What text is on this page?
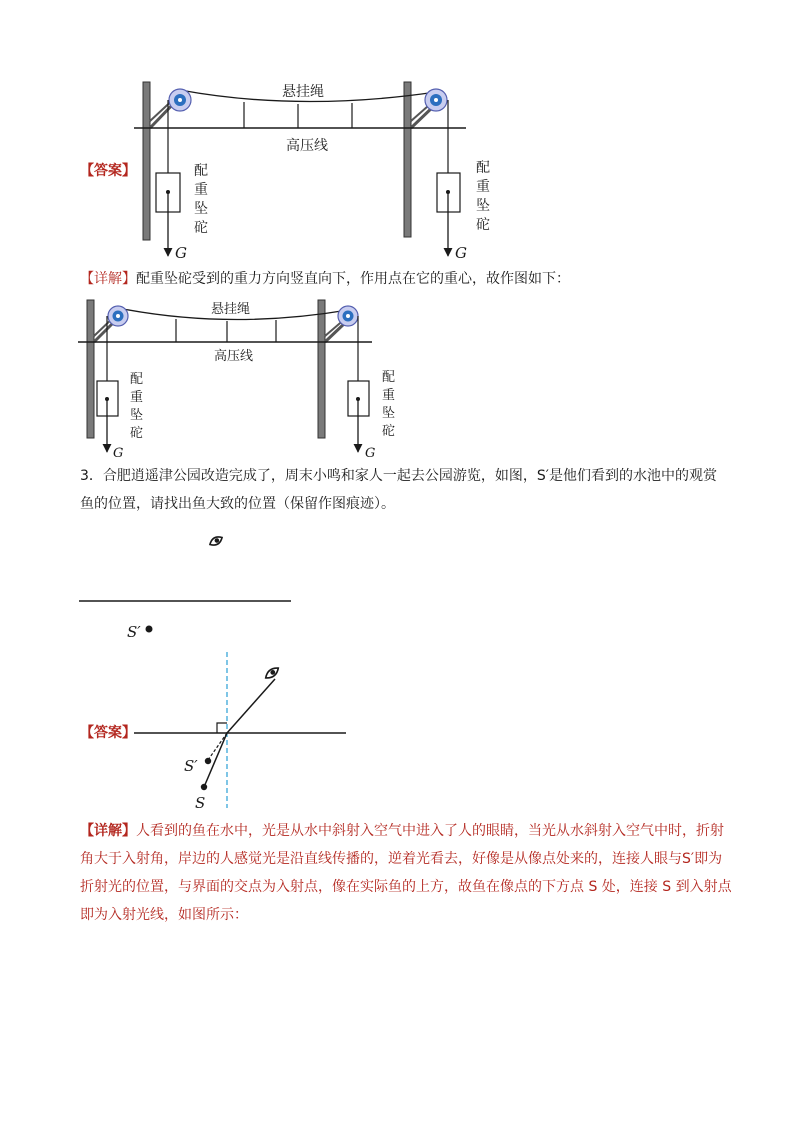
【答案】
悬挂绳
高压线
配
重
坠
砣
配
重
坠
砣
G	G
【详解】配重坠砣受到的重力方向竖直向下，作用点在它的重心，故作图如下：
悬挂绳
高压线
配
重
坠
砣
配
重
坠
砣
G	G
3．合肥逍遥津公园改造完成了，周末小鸣和家人一起去公园游览，如图，S′是他们看到的水池中的观赏
鱼的位置，请找出鱼大致的位置（保留作图痕迹）。
S′
【答案】
S′
S
【详解】人看到的鱼在水中，光是从水中斜射入空气中进入了人的眼睛，当光从水斜射入空气中时，折射
角大于入射角，岸边的人感觉光是沿直线传播的，逆着光看去，好像是从像点处来的，连接人眼与S′即为
折射光的位置，与界面的交点为入射点，像在实际鱼的上方，故鱼在像点的下方点 S 处，连接 S 到入射点
即为入射光线，如图所示：
